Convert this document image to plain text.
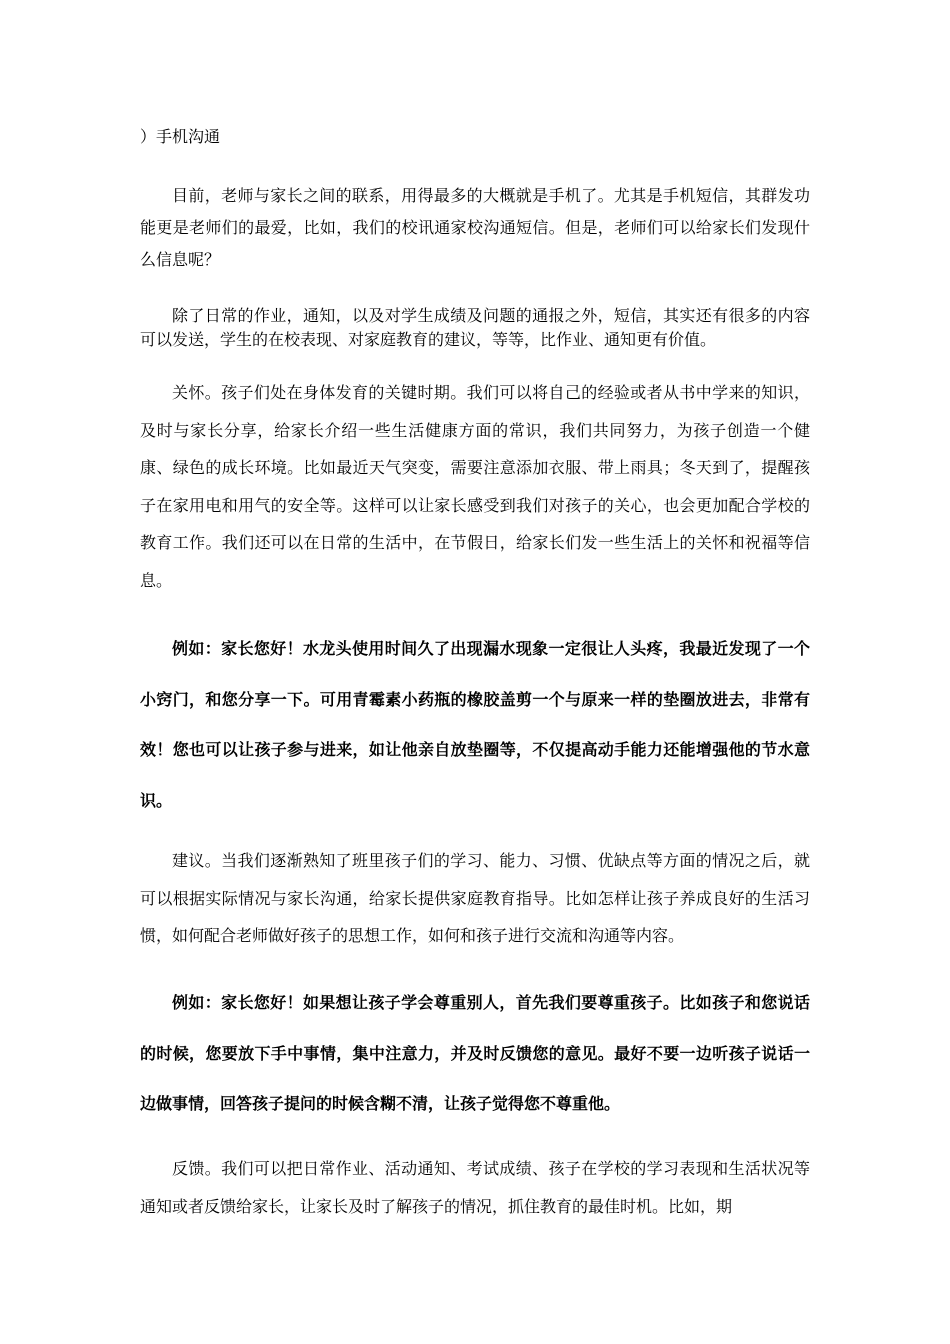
）手机沟通

目前，老师与家长之间的联系，用得最多的大概就是手机了。尤其是手机短信，其群发功能更是老师们的最爱，比如，我们的校讯通家校沟通短信。但是，老师们可以给家长们发现什么信息呢？

除了日常的作业，通知，以及对学生成绩及问题的通报之外，短信，其实还有很多的内容可以发送，学生的在校表现、对家庭教育的建议，等等，比作业、通知更有价值。

关怀。孩子们处在身体发育的关键时期。我们可以将自己的经验或者从书中学来的知识，及时与家长分享，给家长介绍一些生活健康方面的常识，我们共同努力，为孩子创造一个健康、绿色的成长环境。比如最近天气突变，需要注意添加衣服、带上雨具；冬天到了，提醒孩子在家用电和用气的安全等。这样可以让家长感受到我们对孩子的关心，也会更加配合学校的教育工作。我们还可以在日常的生活中，在节假日，给家长们发一些生活上的关怀和祝福等信息。

例如：家长您好！水龙头使用时间久了出现漏水现象一定很让人头疼，我最近发现了一个小窍门，和您分享一下。可用青霉素小药瓶的橡胶盖剪一个与原来一样的垫圈放进去，非常有效！您也可以让孩子参与进来，如让他亲自放垫圈等，不仅提高动手能力还能增强他的节水意识。

建议。当我们逐渐熟知了班里孩子们的学习、能力、习惯、优缺点等方面的情况之后，就可以根据实际情况与家长沟通，给家长提供家庭教育指导。比如怎样让孩子养成良好的生活习惯，如何配合老师做好孩子的思想工作，如何和孩子进行交流和沟通等内容。

例如：家长您好！如果想让孩子学会尊重别人，首先我们要尊重孩子。比如孩子和您说话的时候，您要放下手中事情，集中注意力，并及时反馈您的意见。最好不要一边听孩子说话一边做事情，回答孩子提问的时候含糊不清，让孩子觉得您不尊重他。

反馈。我们可以把日常作业、活动通知、考试成绩、孩子在学校的学习表现和生活状况等通知或者反馈给家长，让家长及时了解孩子的情况，抓住教育的最佳时机。比如，期
